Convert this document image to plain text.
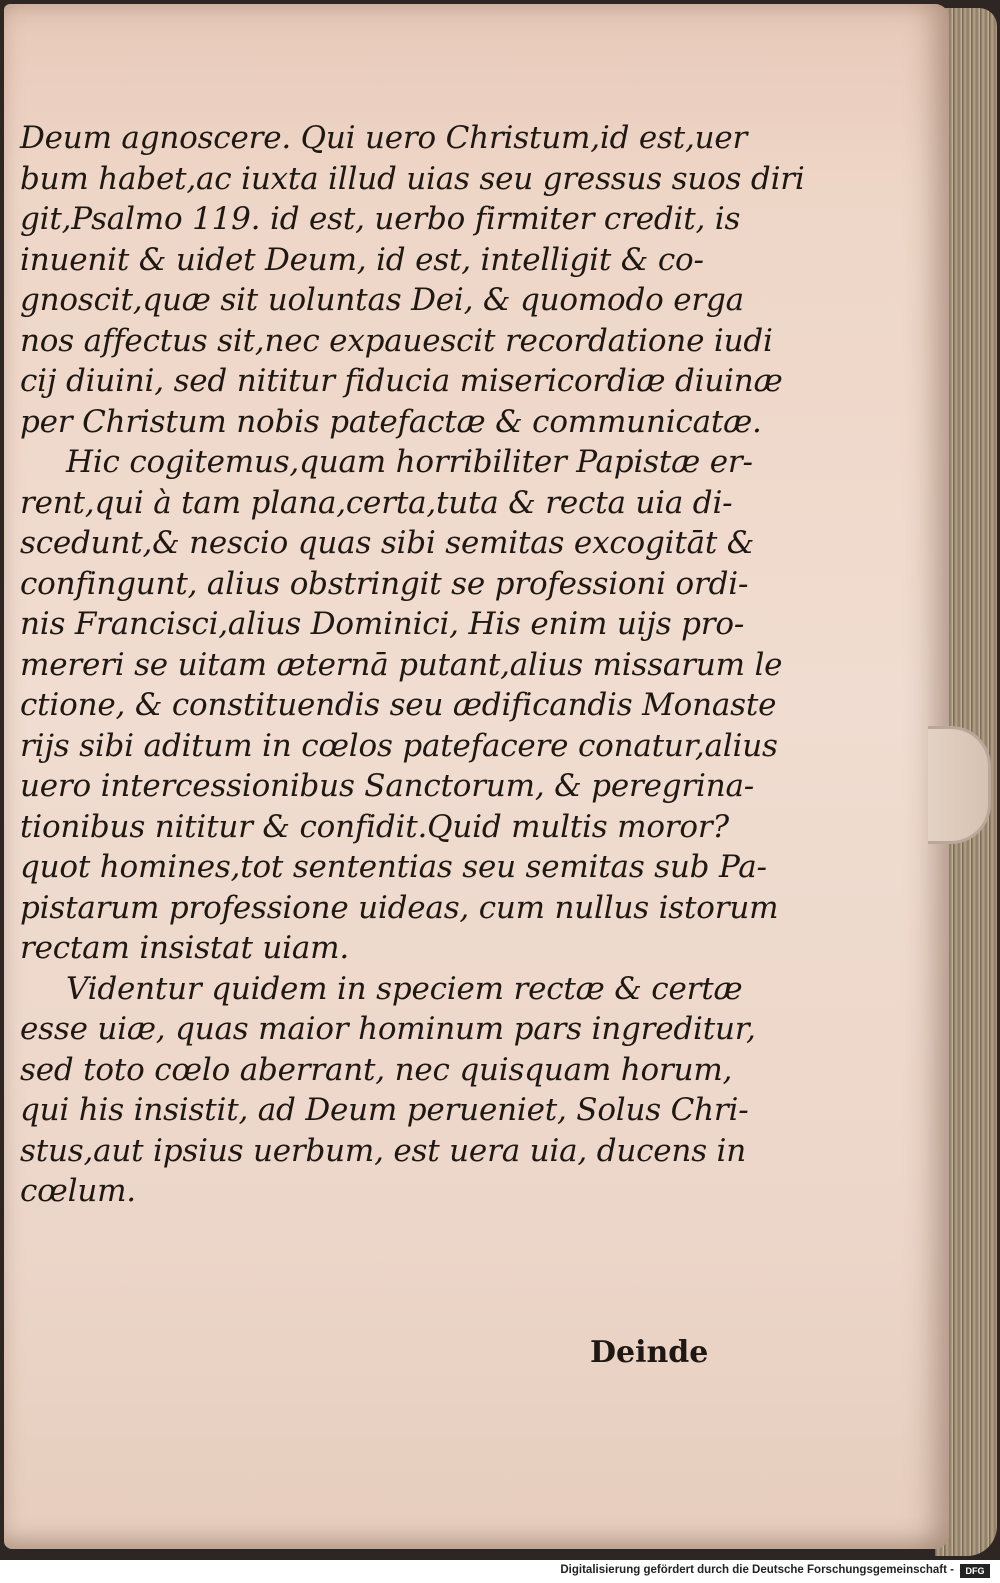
Deum agnoscere. Qui uero Christum,id est,uer
bum habet,ac iuxta illud uias seu gressus suos diri
git,Psalmo 119. id est, uerbo firmiter credit, is
inuenit & uidet Deum, id est, intelligit & co-
gnoscit,quæ sit uoluntas Dei, & quomodo erga
nos affectus sit,nec expauescit recordatione iudi
cij diuini, sed nititur fiducia misericordiæ diuinæ
per Christum nobis patefactæ & communicatæ.
Hic cogitemus,quam horribiliter Papistæ er-
rent,qui à tam plana,certa,tuta & recta uia di-
scedunt,& nescio quas sibi semitas excogitāt &
confingunt, alius obstringit se professioni ordi-
nis Francisci,alius Dominici, His enim uijs pro-
mereri se uitam æternā putant,alius missarum le
ctione, & constituendis seu ædificandis Monaste
rijs sibi aditum in cœlos patefacere conatur,alius
uero intercessionibus Sanctorum, & peregrina-
tionibus nititur & confidit.Quid multis moror?
quot homines,tot sententias seu semitas sub Pa-
pistarum professione uideas, cum nullus istorum
rectam insistat uiam.
Videntur quidem in speciem rectæ & certæ
esse uiæ, quas maior hominum pars ingreditur,
sed toto cœlo aberrant, nec quisquam horum,
qui his insistit, ad Deum perueniet, Solus Chri-
stus,aut ipsius uerbum, est uera uia, ducens in
cœlum.
Deinde
Digitalisierung gefördert durch die Deutsche Forschungsgemeinschaft -	DFG
